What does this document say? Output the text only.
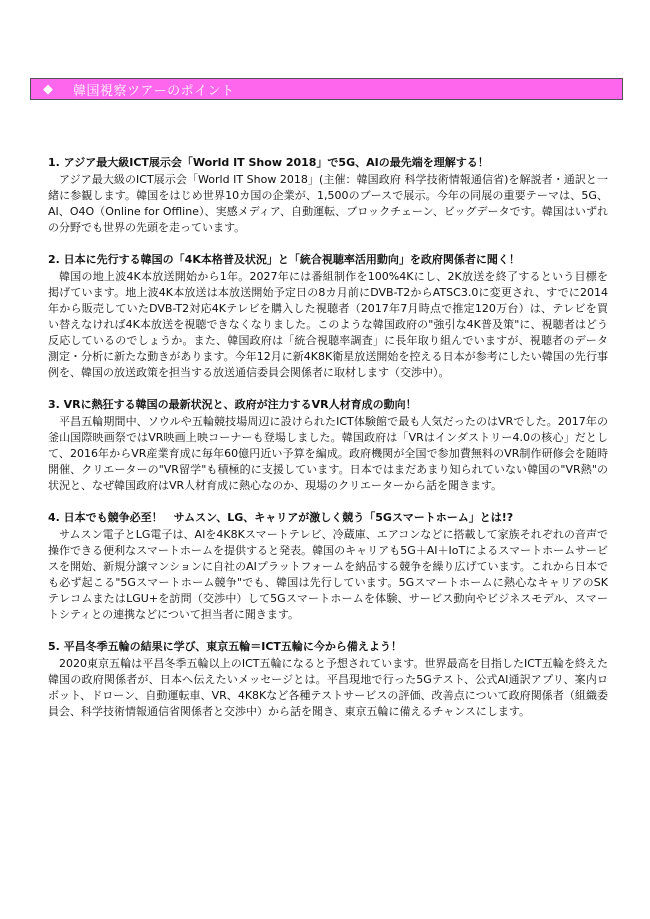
◆	韓国視察ツアーのポイント

1. アジア最大級ICT展示会「World IT Show 2018」で5G、AIの最先端を理解する！

アジア最大級のICT展示会「World IT Show 2018」(主催：韓国政府 科学技術情報通信省)を解説者・通訳と一緒に参観します。韓国をはじめ世界10カ国の企業が、1,500のブースで展示。今年の同展の重要テーマは、5G、AI、O4O（Online for Offline）、実感メディア、自動運転、ブロックチェーン、ビッグデータです。韓国はいずれの分野でも世界の先頭を走っています。

2. 日本に先行する韓国の「4K本格普及状況」と「統合視聴率活用動向」を政府関係者に聞く！

韓国の地上波4K本放送開始から1年。2027年には番組制作を100%4Kにし、2K放送を終了するという目標を掲げています。地上波4K本放送は本放送開始予定日の8カ月前にDVB-T2からATSC3.0に変更され、すでに2014年から販売していたDVB-T2対応4Kテレビを購入した視聴者（2017年7月時点で推定120万台）は、テレビを買い替えなければ4K本放送を視聴できなくなりました。このような韓国政府の"強引な4K普及策"に、視聴者はどう反応しているのでしょうか。また、韓国政府は「統合視聴率調査」に長年取り組んでいますが、視聴者のデータ測定・分析に新たな動きがあります。今年12月に新4K8K衛星放送開始を控える日本が参考にしたい韓国の先行事例を、韓国の放送政策を担当する放送通信委員会関係者に取材します（交渉中）。

3. VRに熱狂する韓国の最新状況と、政府が注力するVR人材育成の動向！

平昌五輪期間中、ソウルや五輪競技場周辺に設けられたICT体験館で最も人気だったのはVRでした。2017年の釜山国際映画祭ではVR映画上映コーナーも登場しました。韓国政府は「VRはインダストリー4.0の核心」だとして、2016年からVR産業育成に毎年60億円近い予算を編成。政府機関が全国で参加費無料のVR制作研修会を随時開催、クリエーターの"VR留学"も積極的に支援しています。日本ではまだあまり知られていない韓国の"VR熱"の状況と、なぜ韓国政府はVR人材育成に熱心なのか、現場のクリエーターから話を聞きます。

4. 日本でも競争必至！　サムスン、LG、キャリアが激しく競う「5Gスマートホーム」とは!?

サムスン電子とLG電子は、AIを4K8Kスマートテレビ、冷蔵庫、エアコンなどに搭載して家族それぞれの音声で操作できる便利なスマートホームを提供すると発表。韓国のキャリアも5G＋AI＋IoTによるスマートホームサービスを開始、新規分譲マンションに自社のAIプラットフォームを納品する競争を繰り広げています。これから日本でも必ず起こる"5Gスマートホーム競争"でも、韓国は先行しています。5Gスマートホームに熱心なキャリアのSKテレコムまたはLGU+を訪問（交渉中）して5Gスマートホームを体験、サービス動向やビジネスモデル、スマートシティとの連携などについて担当者に聞きます。

5. 平昌冬季五輪の結果に学び、東京五輪＝ICT五輪に今から備えよう！

2020東京五輪は平昌冬季五輪以上のICT五輪になると予想されています。世界最高を目指したICT五輪を終えた韓国の政府関係者が、日本へ伝えたいメッセージとは。平昌現地で行った5Gテスト、公式AI通訳アプリ、案内ロボット、ドローン、自動運転車、VR、4K8Kなど各種テストサービスの評価、改善点について政府関係者（組織委員会、科学技術情報通信省関係者と交渉中）から話を聞き、東京五輪に備えるチャンスにします。
